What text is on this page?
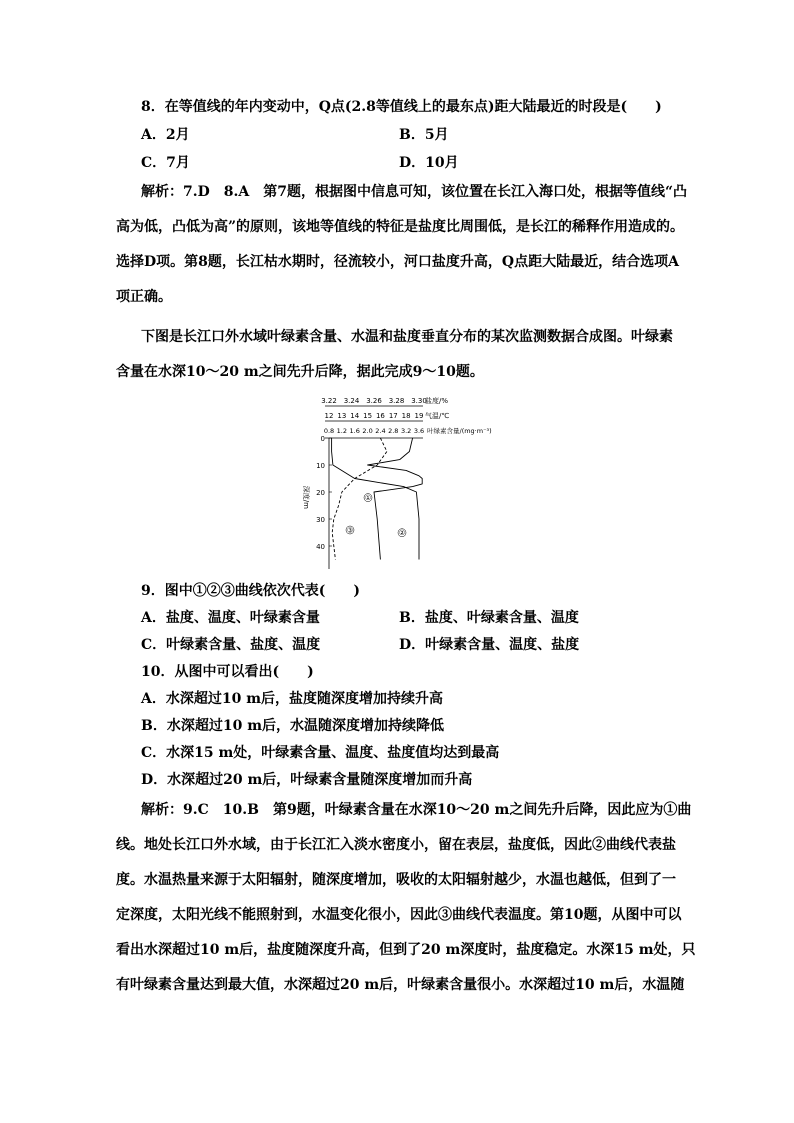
8．在等值线的年内变动中，Q点(2.8等值线上的最东点)距大陆最近的时段是(　　)
A．2月	B．5月
C．7月	D．10月
解析：7.D　8.A　第7题，根据图中信息可知，该位置在长江入海口处，根据等值线“凸
高为低，凸低为高”的原则，该地等值线的特征是盐度比周围低，是长江的稀释作用造成的。
选择D项。第8题，长江枯水期时，径流较小，河口盐度升高，Q点距大陆最近，结合选项A
项正确。
下图是长江口外水域叶绿素含量、水温和盐度垂直分布的某次监测数据合成图。叶绿素
含量在水深10～20 m之间先升后降，据此完成9～10题。
3.22 3.24 3.26 3.28 3.30
盐度/%
12 13 14 15 16 17 18 19 气温/℃
0.8 1.2 1.6 2.0 2.4 2.8 3.2 3.6 叶绿素含量/(mg·m⁻³)
0
10
20
30
40
深度/m	①
②
③
9．图中①②③曲线依次代表(　　)
A．盐度、温度、叶绿素含量	B．盐度、叶绿素含量、温度
C．叶绿素含量、盐度、温度	D．叶绿素含量、温度、盐度
10．从图中可以看出(　　)
A．水深超过10 m后，盐度随深度增加持续升高
B．水深超过10 m后，水温随深度增加持续降低
C．水深15 m处，叶绿素含量、温度、盐度值均达到最高
D．水深超过20 m后，叶绿素含量随深度增加而升高
解析：9.C　10.B　第9题，叶绿素含量在水深10～20 m之间先升后降，因此应为①曲
线。地处长江口外水域，由于长江汇入淡水密度小，留在表层，盐度低，因此②曲线代表盐
度。水温热量来源于太阳辐射，随深度增加，吸收的太阳辐射越少，水温也越低，但到了一
定深度，太阳光线不能照射到，水温变化很小，因此③曲线代表温度。第10题，从图中可以
看出水深超过10 m后，盐度随深度升高，但到了20 m深度时，盐度稳定。水深15 m处，只
有叶绿素含量达到最大值，水深超过20 m后，叶绿素含量很小。水深超过10 m后，水温随
